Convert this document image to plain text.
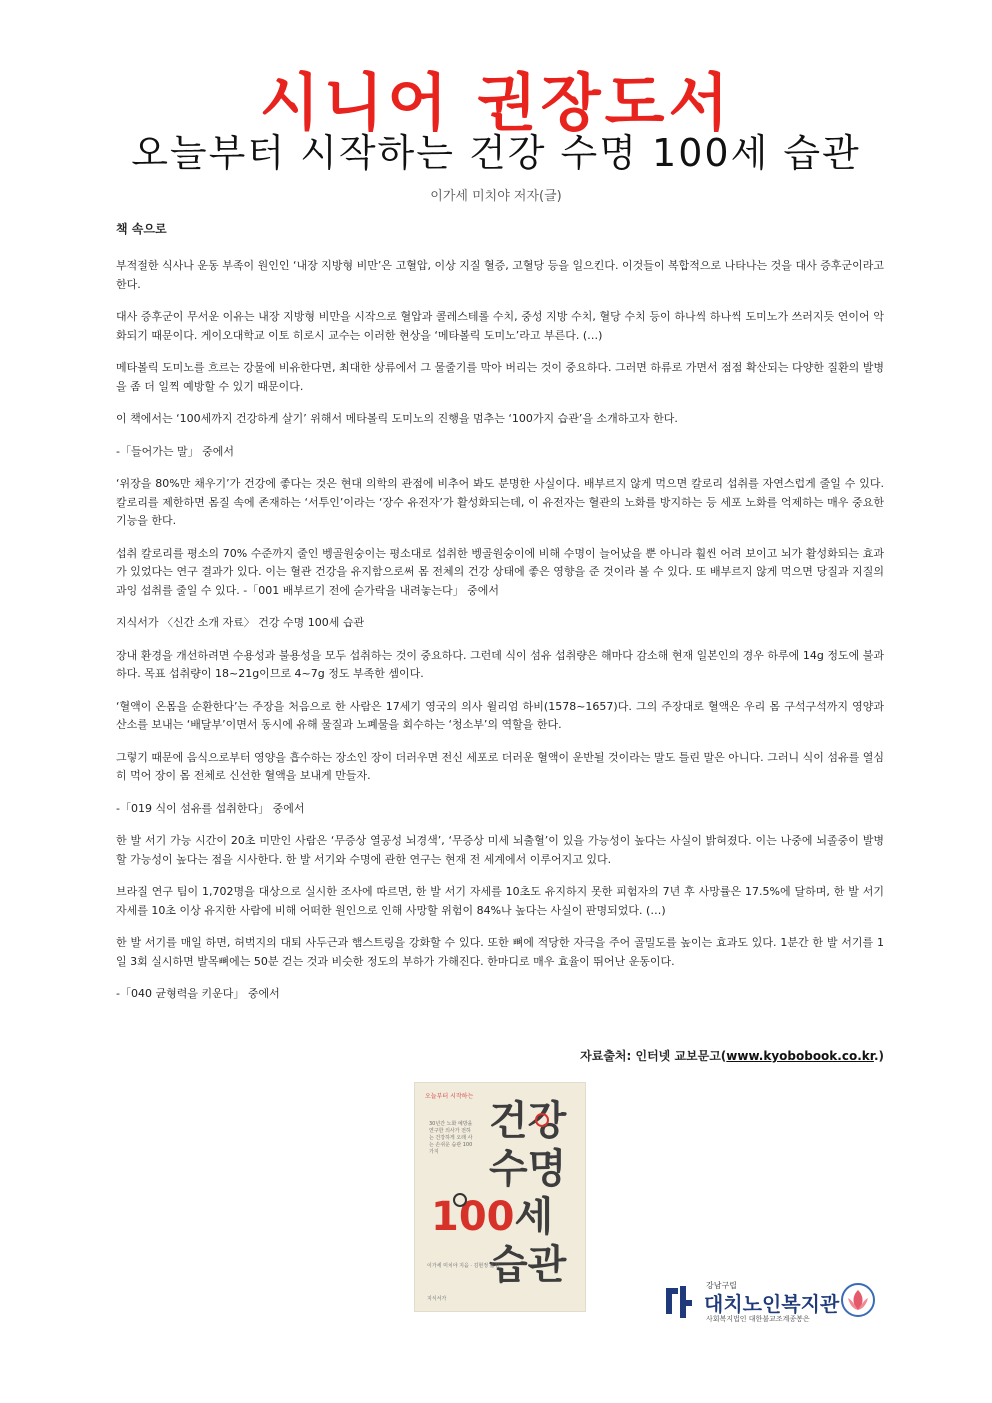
시니어 권장도서
오늘부터 시작하는 건강 수명 100세 습관
이가세 미치야 저자(글)
책 속으로

부적절한 식사나 운동 부족이 원인인 ‘내장 지방형 비만’은 고혈압, 이상 지질 혈증, 고혈당 등을 일으킨다. 이것들이 복합적으로 나타나는 것을 대사 증후군이라고 한다.

대사 증후군이 무서운 이유는 내장 지방형 비만을 시작으로 혈압과 콜레스테롤 수치, 중성 지방 수치, 혈당 수치 등이 하나씩 하나씩 도미노가 쓰러지듯 연이어 악화되기 때문이다. 게이오대학교 이토 히로시 교수는 이러한 현상을 ‘메타볼릭 도미노’라고 부른다. (…)

메타볼릭 도미노를 흐르는 강물에 비유한다면, 최대한 상류에서 그 물줄기를 막아 버리는 것이 중요하다. 그러면 하류로 가면서 점점 확산되는 다양한 질환의 발병을 좀 더 일찍 예방할 수 있기 때문이다.

이 책에서는 ‘100세까지 건강하게 살기’ 위해서 메타볼릭 도미노의 진행을 멈추는 ‘100가지 습관’을 소개하고자 한다.

-「들어가는 말」 중에서

‘위장을 80%만 채우기’가 건강에 좋다는 것은 현대 의학의 관점에 비추어 봐도 분명한 사실이다. 배부르지 않게 먹으면 칼로리 섭취를 자연스럽게 줄일 수 있다. 칼로리를 제한하면 몸질 속에 존재하는 ‘서투인’이라는 ‘장수 유전자’가 활성화되는데, 이 유전자는 혈관의 노화를 방지하는 등 세포 노화를 억제하는 매우 중요한 기능을 한다.

섭취 칼로리를 평소의 70% 수준까지 줄인 벵골원숭이는 평소대로 섭취한 벵골원숭이에 비해 수명이 늘어났을 뿐 아니라 훨씬 어려 보이고 뇌가 활성화되는 효과가 있었다는 연구 결과가 있다. 이는 혈관 건강을 유지함으로써 몸 전체의 건강 상태에 좋은 영향을 준 것이라 볼 수 있다. 또 배부르지 않게 먹으면 당질과 지질의 과잉 섭취를 줄일 수 있다. -「001 배부르기 전에 숟가락을 내려놓는다」 중에서

지식서가 〈신간 소개 자료〉 건강 수명 100세 습관

장내 환경을 개선하려면 수용성과 불용성을 모두 섭취하는 것이 중요하다. 그런데 식이 섬유 섭취량은 해마다 감소해 현재 일본인의 경우 하루에 14g 정도에 불과하다. 목표 섭취량이 18~21g이므로 4~7g 정도 부족한 셈이다.

‘혈액이 온몸을 순환한다’는 주장을 처음으로 한 사람은 17세기 영국의 의사 윌리엄 하비(1578~1657)다. 그의 주장대로 혈액은 우리 몸 구석구석까지 영양과 산소를 보내는 ‘배달부’이면서 동시에 유해 물질과 노폐물을 회수하는 ‘청소부’의 역할을 한다.

그렇기 때문에 음식으로부터 영양을 흡수하는 장소인 장이 더러우면 전신 세포로 더러운 혈액이 운반될 것이라는 말도 틀린 말은 아니다. 그러니 식이 섬유를 열심히 먹어 장이 몸 전체로 신선한 혈액을 보내게 만들자.

-「019 식이 섬유를 섭취한다」 중에서

한 발 서기 가능 시간이 20초 미만인 사람은 ‘무증상 열공성 뇌경색’, ‘무증상 미세 뇌출혈’이 있을 가능성이 높다는 사실이 밝혀졌다. 이는 나중에 뇌졸중이 발병할 가능성이 높다는 점을 시사한다. 한 발 서기와 수명에 관한 연구는 현재 전 세계에서 이루어지고 있다.

브라질 연구 팀이 1,702명을 대상으로 실시한 조사에 따르면, 한 발 서기 자세를 10초도 유지하지 못한 피험자의 7년 후 사망률은 17.5%에 달하며, 한 발 서기 자세를 10초 이상 유지한 사람에 비해 어떠한 원인으로 인해 사망할 위험이 84%나 높다는 사실이 판명되었다. (…)

한 발 서기를 매일 하면, 허벅지의 대퇴 사두근과 햄스트링을 강화할 수 있다. 또한 뼈에 적당한 자극을 주어 골밀도를 높이는 효과도 있다. 1분간 한 발 서기를 1일 3회 실시하면 발목뼈에는 50분 걷는 것과 비슷한 정도의 부하가 가해진다. 한마디로 매우 효율이 뛰어난 운동이다.

-「040 균형력을 키운다」 중에서

자료출처: 인터넷 교보문고(www.kyobobook.co.kr.)
오늘부터 시작하는
30년간 노화 예방을 연구한 의사가 전하는 건강하게 오래 사는 손쉬운 습관 100가지
건강
수명
100세
습관
이가세 미치야 지음 · 김현정 옮김
지식서가
강남구립
대치노인복지관
사회복지법인 대한불교조계종봉은
